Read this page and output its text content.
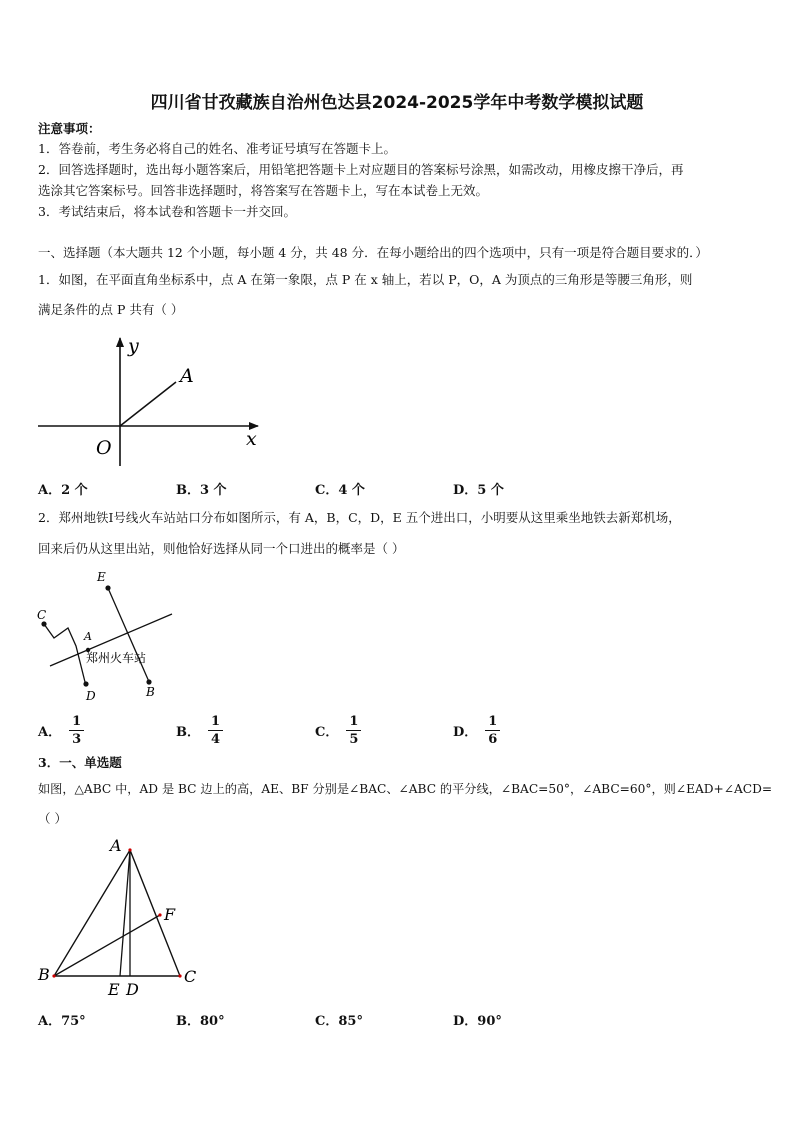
四川省甘孜藏族自治州色达县2024-2025学年中考数学模拟试题
注意事项：
1．答卷前，考生务必将自己的姓名、准考证号填写在答题卡上。
2．回答选择题时，选出每小题答案后，用铅笔把答题卡上对应题目的答案标号涂黑，如需改动，用橡皮擦干净后，再
选涂其它答案标号。回答非选择题时，将答案写在答题卡上，写在本试卷上无效。
3．考试结束后，将本试卷和答题卡一并交回。
一、选择题（本大题共 12 个小题，每小题 4 分，共 48 分．在每小题给出的四个选项中，只有一项是符合题目要求的．）
1．如图，在平面直角坐标系中，点 A 在第一象限，点 P 在 x 轴上，若以 P，O，A 为顶点的三角形是等腰三角形，则
满足条件的点 P 共有（ ）
y
x
O
A
A．2 个	B．3 个	C．4 个	D．5 个
2．郑州地铁Ⅰ号线火车站站口分布如图所示，有 A，B，C，D，E 五个进出口，小明要从这里乘坐地铁去新郑机场，
回来后仍从这里出站，则他恰好选择从同一个口进出的概率是（ ）
E
C
A
D	B
郑州火车站
A． $\frac{1}{3}$	B． $\frac{1}{4}$	C． $\frac{1}{5}$	D． $\frac{1}{6}$
3．一、单选题
如图，△ABC 中，AD 是 BC 边上的高，AE、BF 分别是∠BAC、∠ABC 的平分线，∠BAC=50°，∠ABC=60°，则∠EAD+∠ACD=
（ ）
A
F
B	C
E D
A．75°	B．80°	C．85°	D．90°
